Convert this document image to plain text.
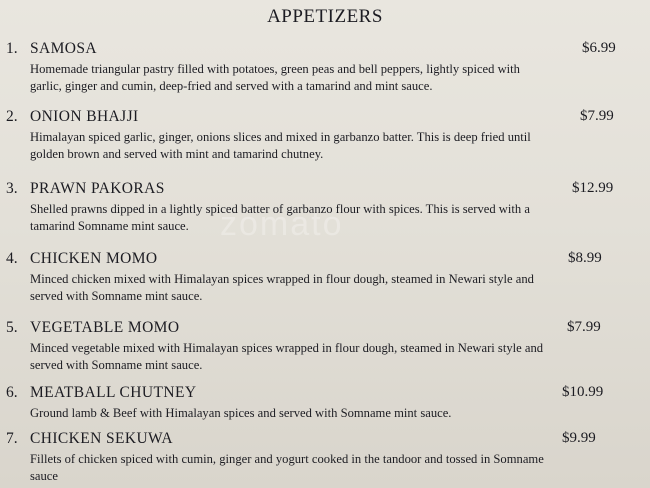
APPETIZERS
zomato
1. SAMOSA	$6.99
Homemade triangular pastry filled with potatoes, green peas and bell peppers, lightly spiced with
garlic, ginger and cumin, deep-fried and served with a tamarind and mint sauce.
2. ONION BHAJJI	$7.99
Himalayan spiced garlic, ginger, onions slices and mixed in garbanzo batter. This is deep fried until
golden brown and served with mint and tamarind chutney.
3. PRAWN PAKORAS	$12.99
Shelled prawns dipped in a lightly spiced batter of garbanzo flour with spices. This is served with a
tamarind Somname mint sauce.
4. CHICKEN MOMO	$8.99
Minced chicken mixed with Himalayan spices wrapped in flour dough, steamed in Newari style and
served with Somname mint sauce.
5. VEGETABLE MOMO	$7.99
Minced vegetable mixed with Himalayan spices wrapped in flour dough, steamed in Newari style and
served with Somname mint sauce.
6. MEATBALL CHUTNEY	$10.99
Ground lamb & Beef with Himalayan spices and served with Somname mint sauce.
7. CHICKEN SEKUWA	$9.99
Fillets of chicken spiced with cumin, ginger and yogurt cooked in the tandoor and tossed in Somname
sauce
